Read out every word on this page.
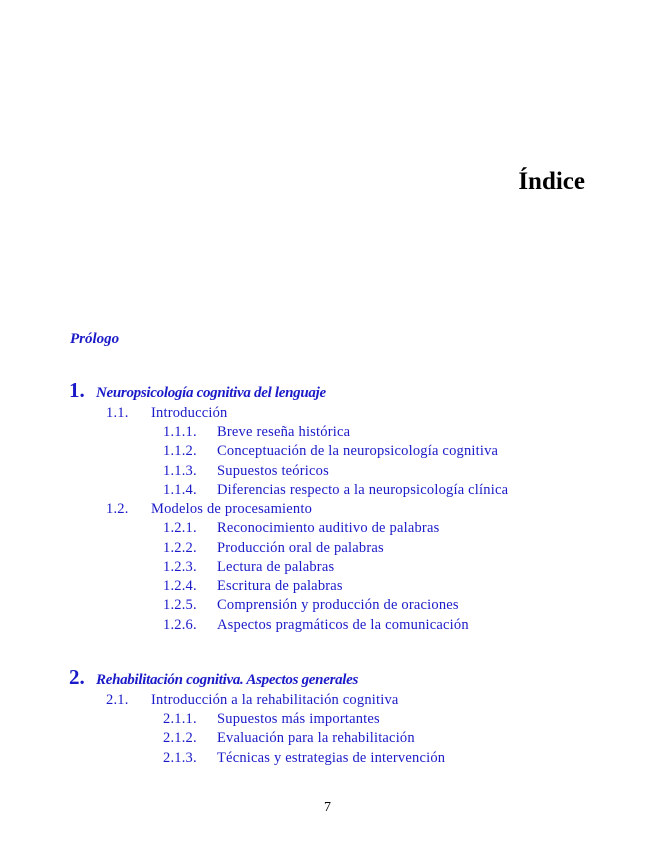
Índice
Prólogo
1. Neuropsicología cognitiva del lenguaje
1.1.	Introducción
1.1.1.	Breve reseña histórica
1.1.2.	Conceptuación de la neuropsicología cognitiva
1.1.3.	Supuestos teóricos
1.1.4.	Diferencias respecto a la neuropsicología clínica
1.2.	Modelos de procesamiento
1.2.1.	Reconocimiento auditivo de palabras
1.2.2.	Producción oral de palabras
1.2.3.	Lectura de palabras
1.2.4.	Escritura de palabras
1.2.5.	Comprensión y producción de oraciones
1.2.6.	Aspectos pragmáticos de la comunicación
2. Rehabilitación cognitiva. Aspectos generales
2.1.	Introducción a la rehabilitación cognitiva
2.1.1.	Supuestos más importantes
2.1.2.	Evaluación para la rehabilitación
2.1.3.	Técnicas y estrategias de intervención
7
